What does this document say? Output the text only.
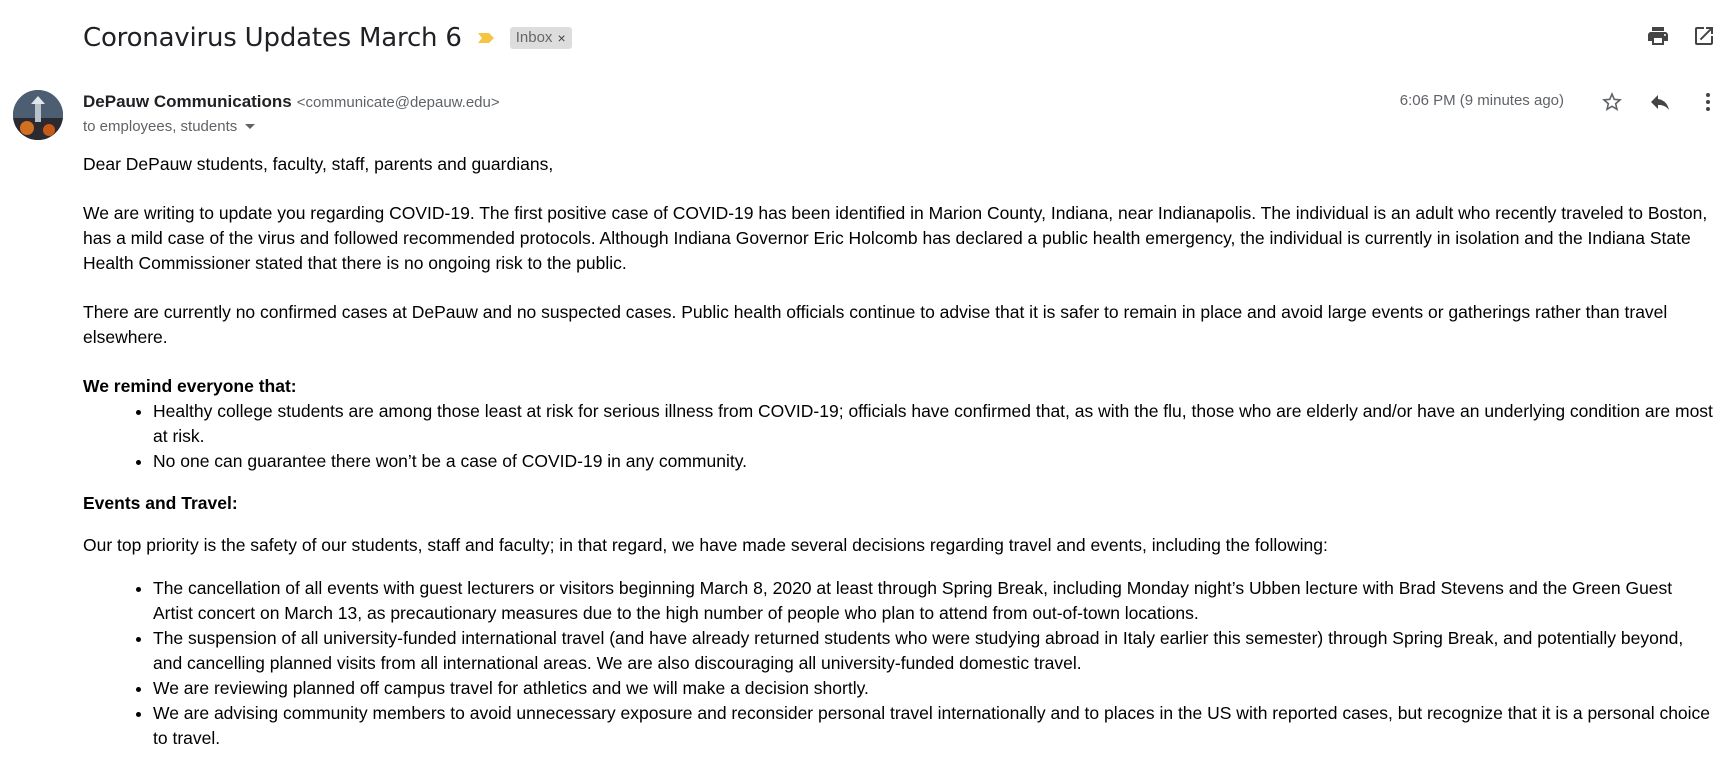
Coronavirus Updates March 6	Inbox ×
DePauw Communications <communicate@depauw.edu>
to employees, students
6:06 PM (9 minutes ago)

Dear DePauw students, faculty, staff, parents and guardians,

We are writing to update you regarding COVID-19. The first positive case of COVID-19 has been identified in Marion County, Indiana, near Indianapolis. The individual is an adult who recently traveled to Boston, has a mild case of the virus and followed recommended protocols. Although Indiana Governor Eric Holcomb has declared a public health emergency, the individual is currently in isolation and the Indiana State Health Commissioner stated that there is no ongoing risk to the public.

There are currently no confirmed cases at DePauw and no suspected cases. Public health officials continue to advise that it is safer to remain in place and avoid large events or gatherings rather than travel elsewhere.

We remind everyone that:
• Healthy college students are among those least at risk for serious illness from COVID-19; officials have confirmed that, as with the flu, those who are elderly and/or have an underlying condition are most at risk.
• No one can guarantee there won’t be a case of COVID-19 in any community.
Events and Travel:
Our top priority is the safety of our students, staff and faculty; in that regard, we have made several decisions regarding travel and events, including the following:
• The cancellation of all events with guest lecturers or visitors beginning March 8, 2020 at least through Spring Break, including Monday night’s Ubben lecture with Brad Stevens and the Green Guest Artist concert on March 13, as precautionary measures due to the high number of people who plan to attend from out-of-town locations.
• The suspension of all university-funded international travel (and have already returned students who were studying abroad in Italy earlier this semester) through Spring Break, and potentially beyond, and cancelling planned visits from all international areas. We are also discouraging all university-funded domestic travel.
• We are reviewing planned off campus travel for athletics and we will make a decision shortly.
• We are advising community members to avoid unnecessary exposure and reconsider personal travel internationally and to places in the US with reported cases, but recognize that it is a personal choice to travel.
